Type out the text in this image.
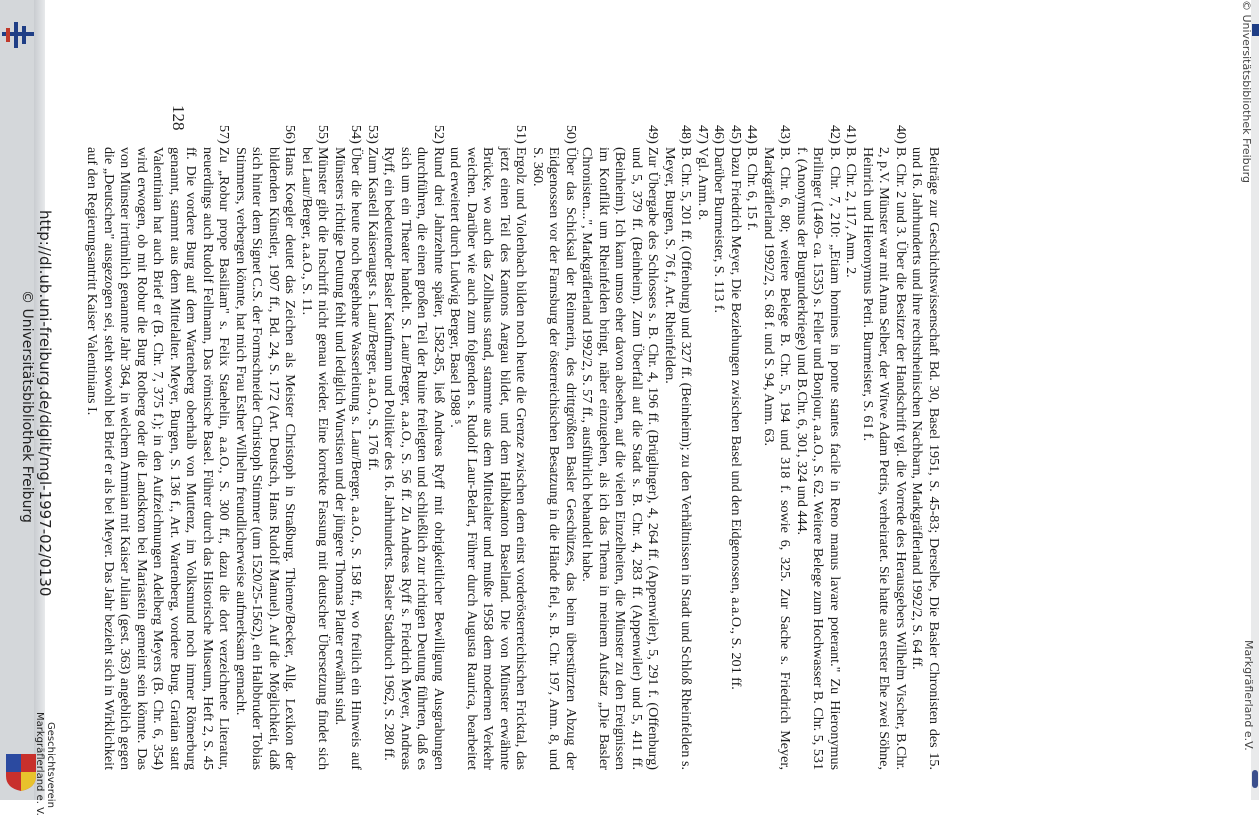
http://dl.ub.uni-freiburg.de/diglit/mgl-1997-02/0130
© Universitätsbibliothek Freiburg
Geschichtsverein
Markgräflerland e. V.
© Universitätsbibliothek Freiburg
Markgräflerland e.V.
Beiträge zur Geschichtswissenschaft Bd. 30, Basel 1951, S. 45-83; Derselbe, Die Basler Chronisten des 15. und 16. Jahrhunderts und ihre rechtsrheinischen Nachbarn, Markgräflerland 1992/2, S. 64 ff.
40)
B. Chr. 2 und 3. Über die Besitzer der Handschrift vgl. die Vorrede des Herausgebers Wilhelm Vischer, B.Chr. 2, p.V. Münster war mit Anna Selber, der Witwe Adam Petris, verheiratet. Sie hatte aus erster Ehe zwei Söhne, Heinrich und Hieronymus Petri. Burmeister, S. 61 f.
41)
B. Chr. 2, 117, Anm. 2.
42)
B. Chr. 7, 210: „Etiam homines in ponte stantes facile in Reno manus lavare poterant." Zu Hieronymus Brilinger (1469- ca. 1535) s. Feller und Bonjour, a.a.O., S. 62. Weitere Belege zum Hochwasser B. Chr. 5, 531 f. (Anonymus der Burgunderkriege) und B.Chr. 6, 301, 324 und 444.
43)
B. Chr. 6, 80; weitere Belege B. Chr. 5, 194 und 318 f. sowie 6, 325. Zur Sache s. Friedrich Meyer, Markgräflerland 1992/2, S. 68 f. und S. 94, Anm. 63.
44)
B. Chr. 6, 15 f.
45)
Dazu Friedrich Meyer, Die Beziehungen zwischen Basel und den Eidgenossen, a.a.O., S. 201 ff.
46)
Darüber Burmeister, S. 113 f.
47)
Vgl. Anm. 8.
48)
B. Chr. 5, 201 ff. (Offenburg) und 327 ff. (Beinheim); zu den Verhältnissen in Stadt und Schloß Rheinfelden s. Meyer, Burgen, S. 76 f., Art. Rheinfelden.
49)
Zur Übergabe des Schlosses s. B. Chr. 4, 196 ff. (Brüglinger), 4, 264 ff. (Appenwiler), 5, 291 f. (Offenburg) und 5, 379 ff. (Beinheim). Zum Überfall auf die Stadt s. B. Chr. 4, 283 ff. (Appenwiler) und 5, 411 ff. (Beinheim). Ich kann umso eher davon absehen, auf die vielen Einzelheiten, die Münster zu den Ereignissen im Konflikt um Rheinfelden bringt, näher einzugehen, als ich das Thema in meinem Aufsatz „Die Basler Chronisten...", Markgräflerland 1992/2, S. 57 ff., ausführlich behandelt habe.
50)
Über das Schicksal der Reinnerin, des drittgrößten Basler Geschützes, das beim überstürzten Abzug der Eidgenossen vor der Farnsburg der österreichischen Besatzung in die Hände fiel, s. B. Chr. 197, Anm. 8, und S. 360.
51)
Ergolz und Violenbach bilden noch heute die Grenze zwischen dem einst vorderösterreichischen Fricktal, das jetzt einen Teil des Kantons Aargau bildet, und dem Halbkanton Baselland. Die von Münster erwähnte Brücke, wo auch das Zollhaus stand, stammte aus dem Mittelalter und mußte 1958 dem modernen Verkehr weichen. Darüber wie auch zum folgenden s. Rudolf Laur-Belart, Führer durch Augusta Raurica, bearbeitet und erweitert durch Ludwig Berger, Basel 1988 ⁵.
52)
Rund drei Jahrzehnte später, 1582-85, ließ Andreas Ryff mit obrigkeitlicher Bewilligung Ausgrabungen durchführen, die einen großen Teil der Ruine freilegten und schließlich zur richtigen Deutung führten, daß es sich um ein Theater handelt. S. Laur/Berger, a.a.O., S. 56 ff. Zu Andreas Ryff s. Friedrich Meyer, Andreas Ryff, ein bedeutender Basler Kaufmann und Politiker des 16. Jahrhunderts. Basler Stadtbuch 1962, S. 280 ff.
53)
Zum Kastell Kaiseraugst s. Laur/Berger, a.a.O., S. 176 ff.
54)
Über die heute noch begehbare Wasserleitung s. Laur/Berger, a.a.O., S. 158 ff., wo freilich ein Hinweis auf Münsters richtige Deutung fehlt und lediglich Wurstisen und der jüngere Thomas Platter erwähnt sind.
55)
Münster gibt die Inschrift nicht genau wieder. Eine korrekte Fassung mit deutscher Übersetzung findet sich bei Laur/Berger, a.a.O., S. 11.
56)
Hans Koegler deutet das Zeichen als Meister Christoph in Straßburg. Thieme/Becker, Allg. Lexikon der bildenden Künstler, 1907 ff., Bd. 24, S. 172 (Art. Deutsch, Hans Rudolf Manuel). Auf die Möglichkeit, daß sich hinter dem Signet C.S. der Formschneider Christoph Stimmer (um 1520/25-1562), ein Halbbruder Tobias Stimmers, verbergen könnte, hat mich Frau Esther Wilhelm freundlicherweise aufmerksam gemacht.
57)
Zu „Robur prope Basiliam" s. Felix Staehelin, a.a.O., S. 300 ff., dazu die dort verzeichnete Literatur, neuerdings auch Rudolf Fellmann, Das römische Basel. Führer durch das Historische Museum, Heft 2, S. 45 ff. Die vordere Burg auf dem Wartenberg oberhalb von Muttenz, im Volksmund noch immer Römerburg genannt, stammt aus dem Mittelalter. Meyer, Burgen, S. 136 f., Art. Wartenberg, vordere Burg. Gratian statt Valentinian hat auch Brief er (B. Chr. 7, 375 f.); in den Aufzeichnungen Adelberg Meyers (B. Chr. 6, 354) wird erwogen, ob mit Robur die Burg Rotberg oder die Landskron bei Mariastein gemeint sein könnte. Das von Münster irrtümlich genannte Jahr 364, in welchem Ammian mit Kaiser Julian (gest. 363) angeblich gegen die „Deutschen" ausgezogen sei, steht sowohl bei Brief er als bei Meyer. Das Jahr bezieht sich in Wirklichkeit auf den Regierungsantritt Kaiser Valentinians I.
128
